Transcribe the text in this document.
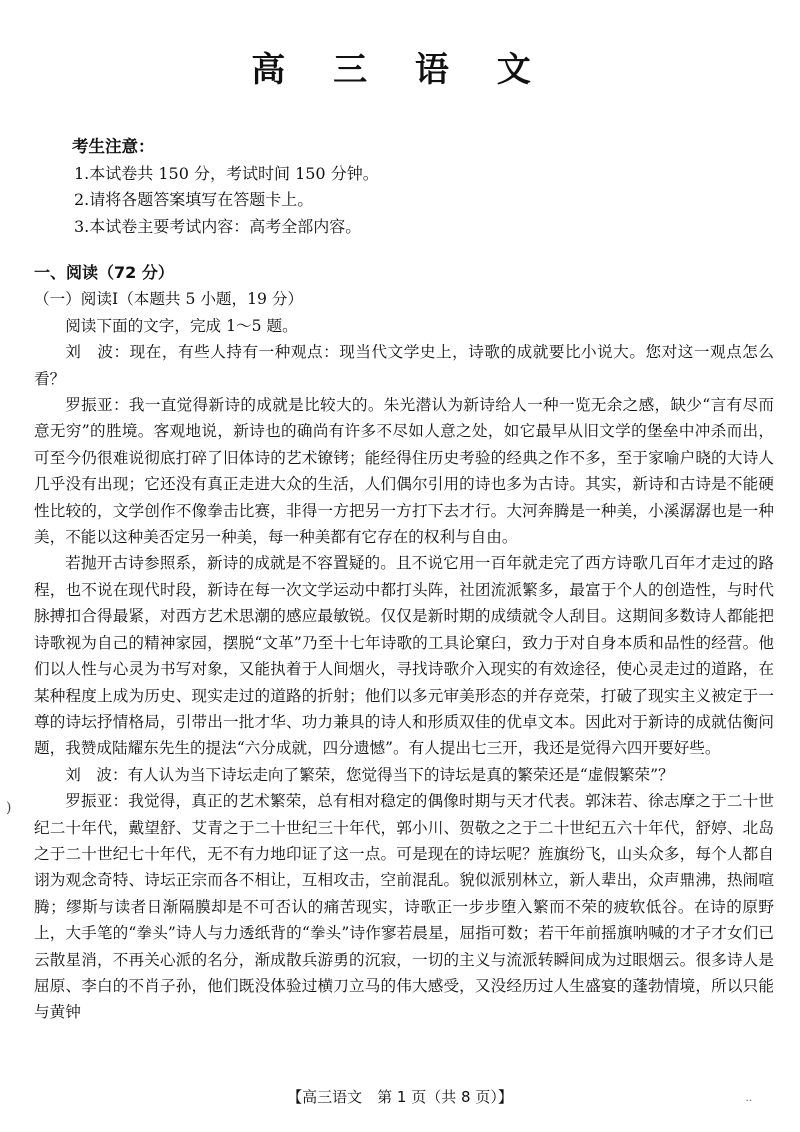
高 三 语 文
考生注意：
1.本试卷共 150 分，考试时间 150 分钟。
2.请将各题答案填写在答题卡上。
3.本试卷主要考试内容：高考全部内容。
一、阅读（72 分）
（一）阅读Ⅰ（本题共 5 小题，19 分）

阅读下面的文字，完成 1～5 题。

刘　波：现在，有些人持有一种观点：现当代文学史上，诗歌的成就要比小说大。您对这一观点怎么看？

罗振亚：我一直觉得新诗的成就是比较大的。朱光潜认为新诗给人一种一览无余之感，缺少“言有尽而意无穷”的胜境。客观地说，新诗也的确尚有许多不尽如人意之处，如它最早从旧文学的堡垒中冲杀而出，可至今仍很难说彻底打碎了旧体诗的艺术镣铐；能经得住历史考验的经典之作不多，至于家喻户晓的大诗人几乎没有出现；它还没有真正走进大众的生活，人们偶尔引用的诗也多为古诗。其实，新诗和古诗是不能硬性比较的，文学创作不像拳击比赛，非得一方把另一方打下去才行。大河奔腾是一种美，小溪潺潺也是一种美，不能以这种美否定另一种美，每一种美都有它存在的权利与自由。

若抛开古诗参照系，新诗的成就是不容置疑的。且不说它用一百年就走完了西方诗歌几百年才走过的路程，也不说在现代时段，新诗在每一次文学运动中都打头阵，社团流派繁多，最富于个人的创造性，与时代脉搏扣合得最紧，对西方艺术思潮的感应最敏锐。仅仅是新时期的成绩就令人刮目。这期间多数诗人都能把诗歌视为自己的精神家园，摆脱“文革”乃至十七年诗歌的工具论窠臼，致力于对自身本质和品性的经营。他们以人性与心灵为书写对象，又能执着于人间烟火，寻找诗歌介入现实的有效途径，使心灵走过的道路，在某种程度上成为历史、现实走过的道路的折射；他们以多元审美形态的并存竞荣，打破了现实主义被定于一尊的诗坛抒情格局，引带出一批才华、功力兼具的诗人和形质双佳的优卓文本。因此对于新诗的成就估衡问题，我赞成陆耀东先生的提法“六分成就，四分遗憾”。有人提出七三开，我还是觉得六四开要好些。

刘　波：有人认为当下诗坛走向了繁荣，您觉得当下的诗坛是真的繁荣还是“虚假繁荣”？

罗振亚：我觉得，真正的艺术繁荣，总有相对稳定的偶像时期与天才代表。郭沫若、徐志摩之于二十世纪二十年代，戴望舒、艾青之于二十世纪三十年代，郭小川、贺敬之之于二十世纪五六十年代，舒婷、北岛之于二十世纪七十年代，无不有力地印证了这一点。可是现在的诗坛呢？旌旗纷飞，山头众多，每个人都自诩为观念奇特、诗坛正宗而各不相让，互相攻击，空前混乱。貌似派别林立，新人辈出，众声鼎沸，热闹喧腾；缪斯与读者日渐隔膜却是不可否认的痛苦现实，诗歌正一步步堕入繁而不荣的疲软低谷。在诗的原野上，大手笔的“拳头”诗人与力透纸背的“拳头”诗作寥若晨星，屈指可数；若干年前摇旗呐喊的才子才女们已云散星消，不再关心派的名分，渐成散兵游勇的沉寂，一切的主义与流派转瞬间成为过眼烟云。很多诗人是屈原、李白的不肖子孙，他们既没体验过横刀立马的伟大感受，又没经历过人生盛宴的蓬勃情境，所以只能与黄钟

)
【高三语文　第 1 页（共 8 页）】	··
